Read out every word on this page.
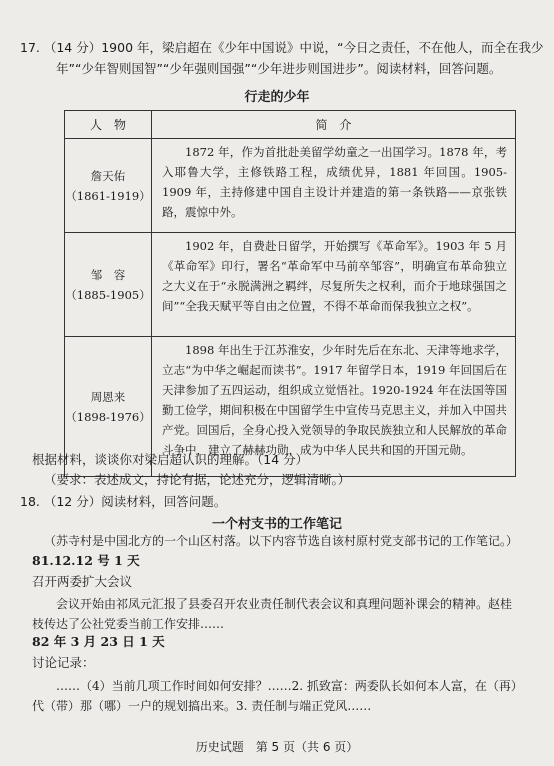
17. （14 分）1900 年，梁启超在《少年中国说》中说，“今日之责任，不在他人，而全在我少
年”“少年智则国智”“少年强则国强”“少年进步则国进步”。阅读材料，回答问题。
行走的少年
人　物	简　介

詹天佑
（1861-1919）	1872 年，作为首批赴美留学幼童之一出国学习。1878 年，考入耶鲁大学，主修铁路工程，成绩优异，1881 年回国。1905-1909 年，主持修建中国自主设计并建造的第一条铁路——京张铁路，震惊中外。

邹　容
（1885-1905）	1902 年，自费赴日留学，开始撰写《革命军》。1903 年 5 月《革命军》印行，署名“革命军中马前卒邹容”，明确宣布革命独立之大义在于“永脱满洲之羁绊，尽复所失之权利，而介于地球强国之间”“全我天赋平等自由之位置，不得不革命而保我独立之权”。

周恩来
（1898-1976）	1898 年出生于江苏淮安，少年时先后在东北、天津等地求学，立志“为中华之崛起而读书”。1917 年留学日本，1919 年回国后在天津参加了五四运动，组织成立觉悟社。1920-1924 年在法国等国勤工俭学，期间积极在中国留学生中宣传马克思主义，并加入中国共产党。回国后，全身心投入党领导的争取民族独立和人民解放的革命斗争中，建立了赫赫功勋，成为中华人民共和国的开国元勋。

根据材料，谈谈你对梁启超认识的理解。（14 分）
（要求：表述成文，持论有据，论述充分，逻辑清晰。）
18. （12 分）阅读材料，回答问题。
一个村支书的工作笔记

（苏寺村是中国北方的一个山区村落。以下内容节选自该村原村党支部书记的工作笔记。）

81.12.12 号 1 天
召开两委扩大会议

会议开始由祁凤元汇报了县委召开农业责任制代表会议和真理问题补课会的精神。赵桂枝传达了公社党委当前工作安排……

82 年 3 月 23 日 1 天
讨论记录：

……（4）当前几项工作时间如何安排？……2. 抓致富：两委队长如何本人富，在（再）代（带）那（哪）一户的规划搞出来。3. 责任制与端正党风……

历史试题　第 5 页（共 6 页）
